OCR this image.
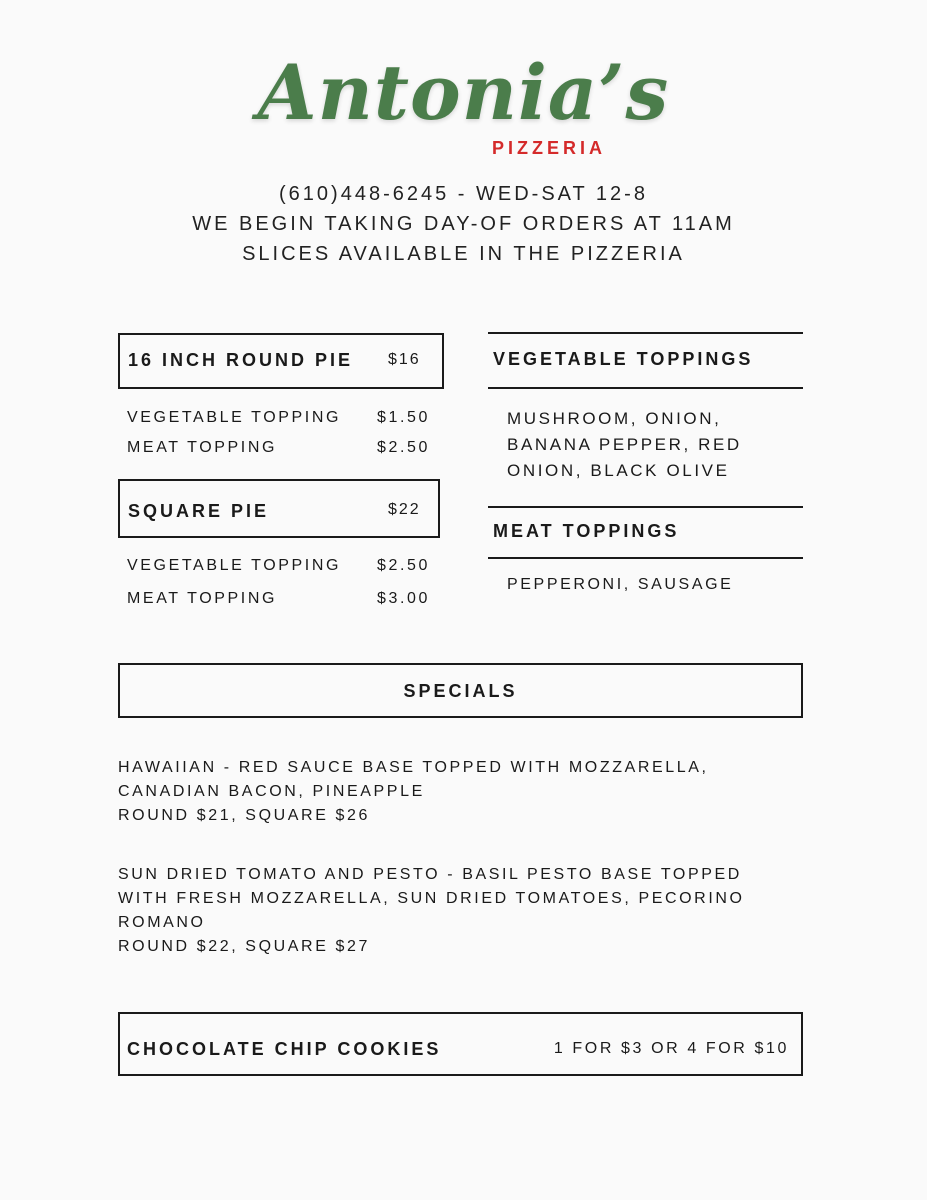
Antonia’s
PIZZERIA
(610)448-6245 - WED-SAT 12-8
WE BEGIN TAKING DAY-OF ORDERS AT 11AM
SLICES AVAILABLE IN THE PIZZERIA
16 INCH ROUND PIE $16
VEGETABLE TOPPING $1.50
MEAT TOPPING	$2.50
SQUARE PIE	$22
VEGETABLE TOPPING $2.50
MEAT TOPPING	$3.00
VEGETABLE TOPPINGS
MUSHROOM, ONION,
BANANA PEPPER, RED
ONION, BLACK OLIVE
MEAT TOPPINGS
PEPPERONI, SAUSAGE
SPECIALS
HAWAIIAN - RED SAUCE BASE TOPPED WITH MOZZARELLA,
CANADIAN BACON, PINEAPPLE
ROUND $21, SQUARE $26
SUN DRIED TOMATO AND PESTO - BASIL PESTO BASE TOPPED
WITH FRESH MOZZARELLA, SUN DRIED TOMATOES, PECORINO
ROMANO
ROUND $22, SQUARE $27
CHOCOLATE CHIP COOKIES	1 FOR $3 OR 4 FOR $10
